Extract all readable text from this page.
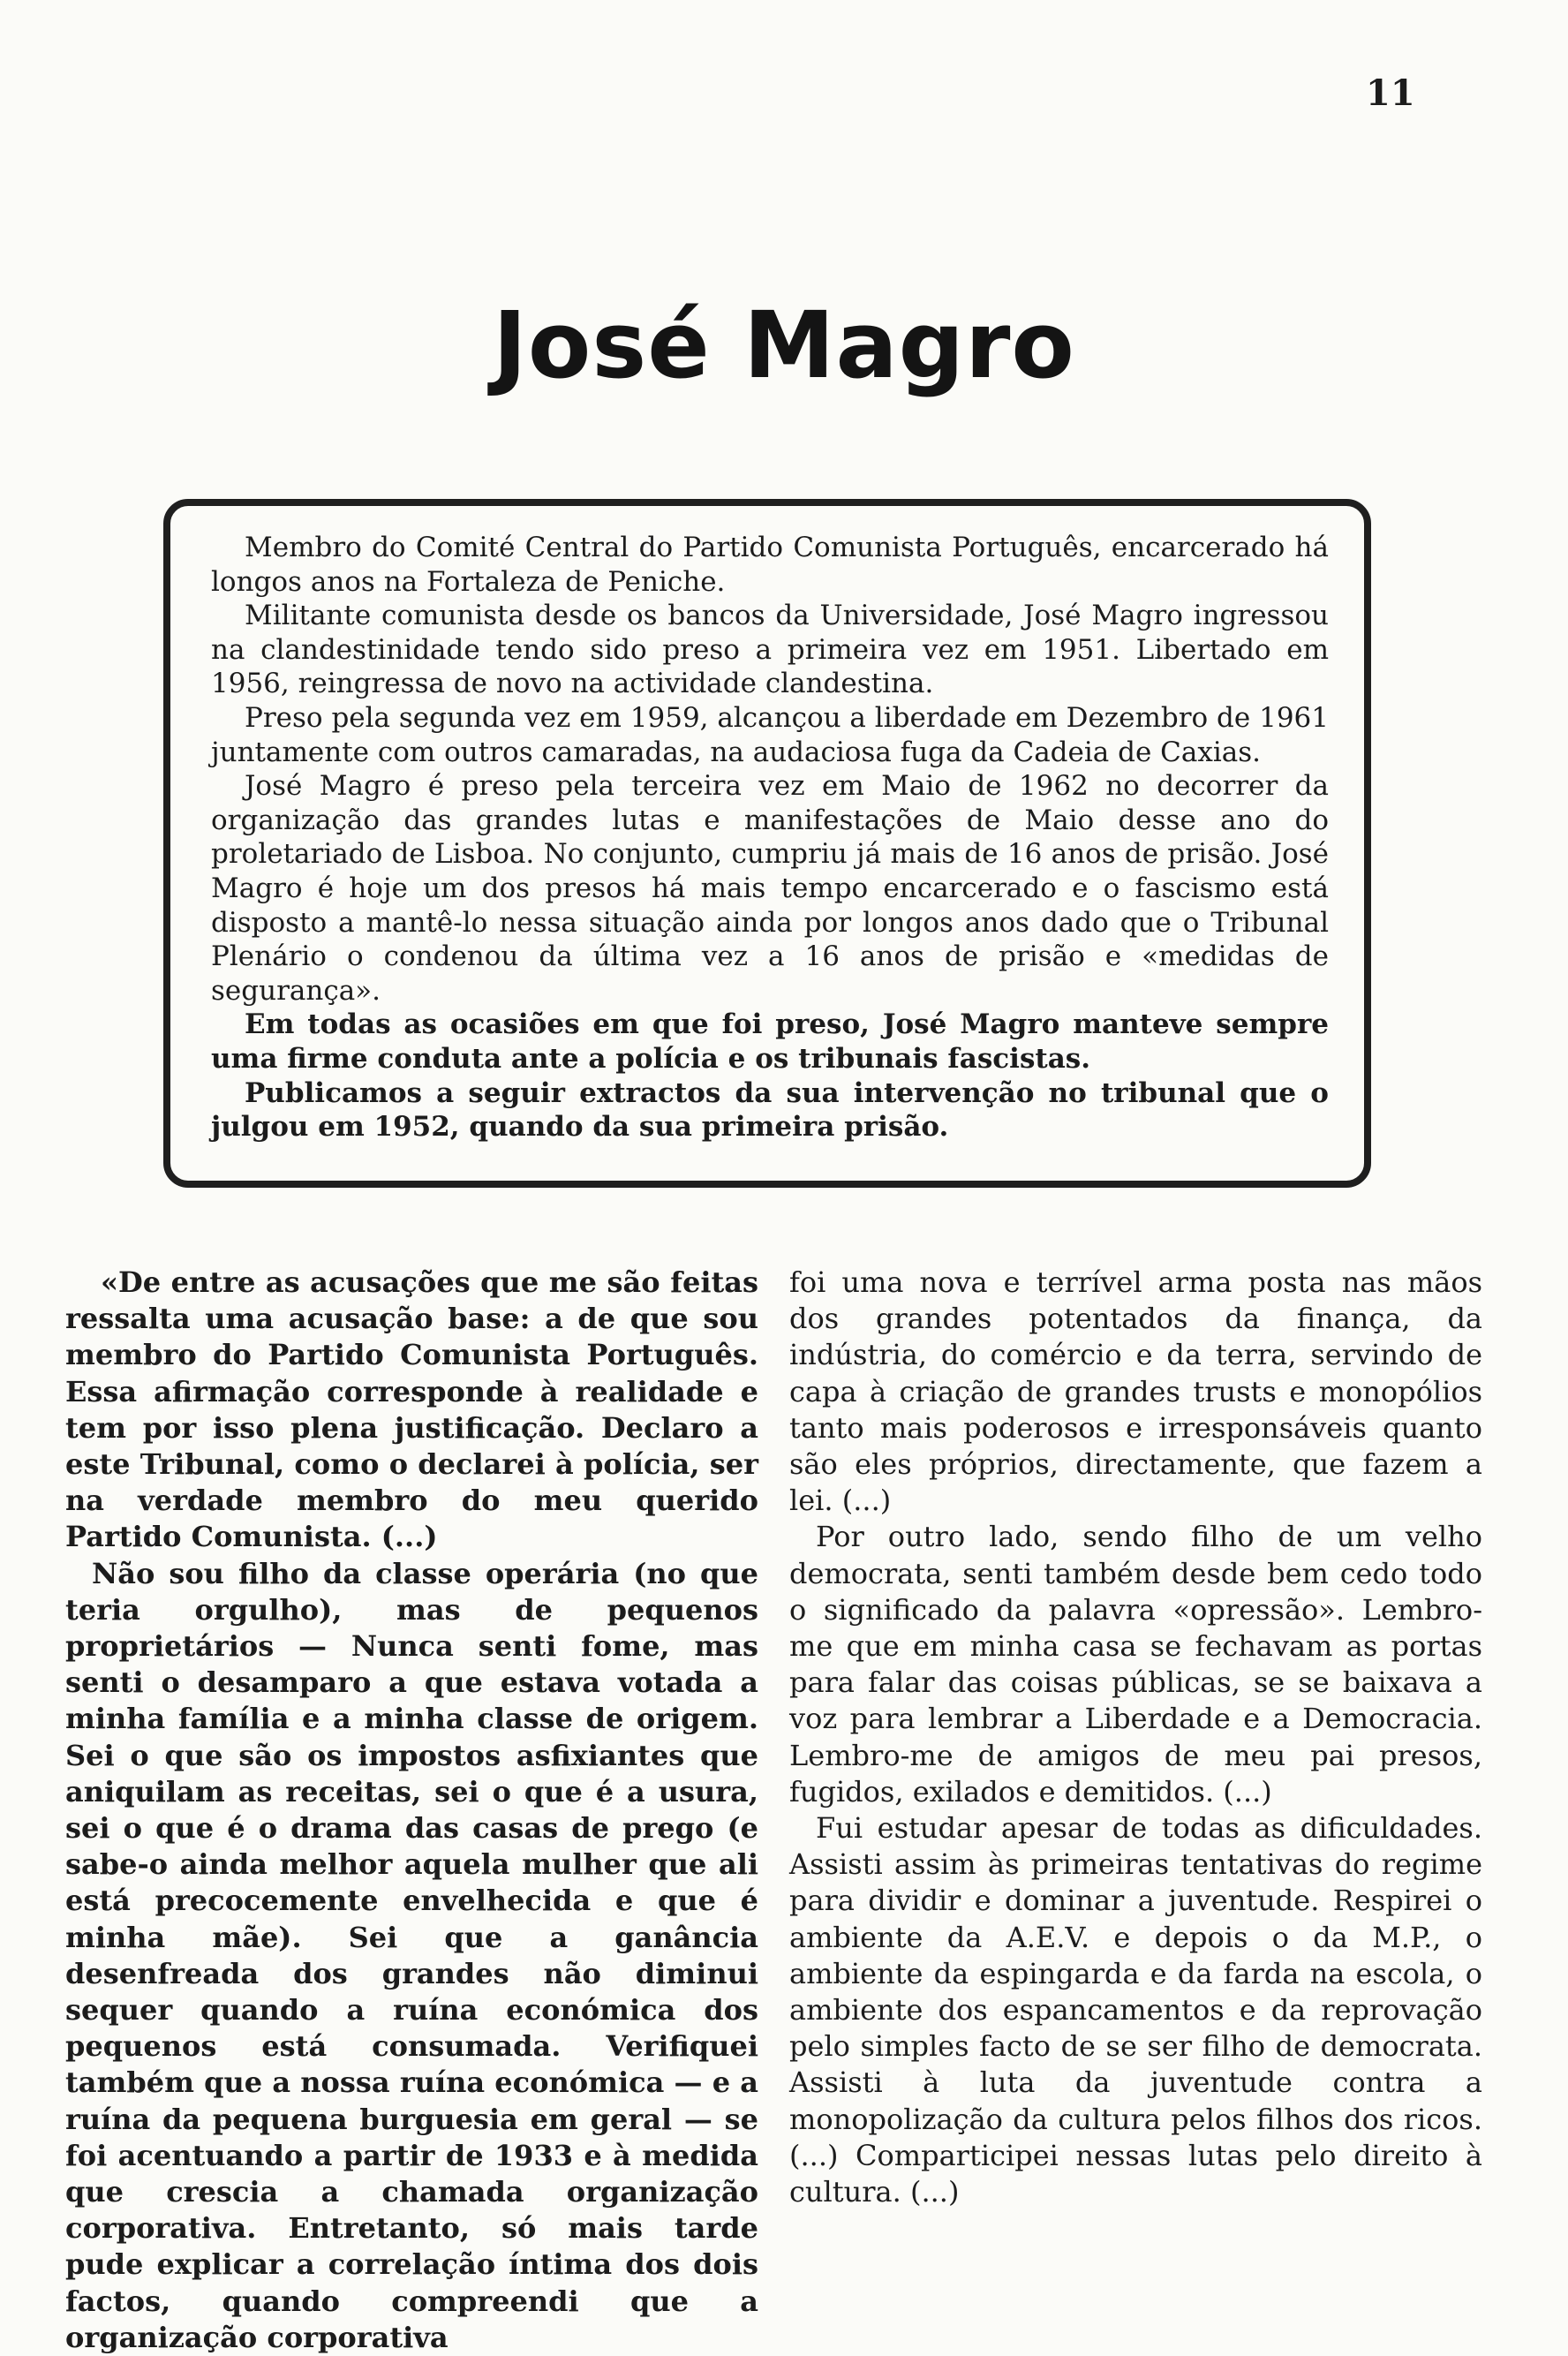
11
José Magro

Membro do Comité Central do Partido Comunista Português, encarcerado há longos anos na Fortaleza de Peniche.

Militante comunista desde os bancos da Universidade, José Magro ingressou na clandestinidade tendo sido preso a primeira vez em 1951. Libertado em 1956, reingressa de novo na actividade clandestina.

Preso pela segunda vez em 1959, alcançou a liberdade em Dezembro de 1961 juntamente com outros camaradas, na audaciosa fuga da Cadeia de Caxias.

José Magro é preso pela terceira vez em Maio de 1962 no decorrer da organização das grandes lutas e manifestações de Maio desse ano do proletariado de Lisboa. No conjunto, cumpriu já mais de 16 anos de prisão. José Magro é hoje um dos presos há mais tempo encarcerado e o fascismo está disposto a mantê-lo nessa situação ainda por longos anos dado que o Tribunal Plenário o condenou da última vez a 16 anos de prisão e «medidas de segurança».

Em todas as ocasiões em que foi preso, José Magro manteve sempre uma firme conduta ante a polícia e os tribunais fascistas.

Publicamos a seguir extractos da sua intervenção no tribunal que o julgou em 1952, quando da sua primeira prisão.

«De entre as acusações que me são feitas ressalta uma acusação base: a de que sou membro do Partido Comunista Português. Essa afirmação corresponde à realidade e tem por isso plena justificação. Declaro a este Tribunal, como o declarei à polícia, ser na verdade membro do meu querido Partido Comunista. (...)

Não sou filho da classe operária (no que teria orgulho), mas de pequenos proprietários — Nunca senti fome, mas senti o desamparo a que estava votada a minha família e a minha classe de origem. Sei o que são os impostos asfixiantes que aniquilam as receitas, sei o que é a usura, sei o que é o drama das casas de prego (e sabe-o ainda melhor aquela mulher que ali está precocemente envelhecida e que é minha mãe). Sei que a ganância desenfreada dos grandes não diminui sequer quando a ruína económica dos pequenos está consumada. Verifiquei também que a nossa ruína económica — e a ruína da pequena burguesia em geral — se foi acentuando a partir de 1933 e à medida que crescia a chamada organização corporativa. Entretanto, só mais tarde pude explicar a correlação íntima dos dois factos, quando compreendi que a organização corporativa

foi uma nova e terrível arma posta nas mãos dos grandes potentados da finança, da indústria, do comércio e da terra, servindo de capa à criação de grandes trusts e monopólios tanto mais poderosos e irresponsáveis quanto são eles próprios, directamente, que fazem a lei. (...)

Por outro lado, sendo filho de um velho democrata, senti também desde bem cedo todo o significado da palavra «opressão». Lembro-me que em minha casa se fechavam as portas para falar das coisas públicas, se se baixava a voz para lembrar a Liberdade e a Democracia. Lembro-me de amigos de meu pai presos, fugidos, exilados e demitidos. (...)

Fui estudar apesar de todas as dificuldades. Assisti assim às primeiras tentativas do regime para dividir e dominar a juventude. Respirei o ambiente da A.E.V. e depois o da M.P., o ambiente da espingarda e da farda na escola, o ambiente dos espancamentos e da reprovação pelo simples facto de se ser filho de democrata. Assisti à luta da juventude contra a monopolização da cultura pelos filhos dos ricos. (...) Comparticipei nessas lutas pelo direito à cultura. (...)
